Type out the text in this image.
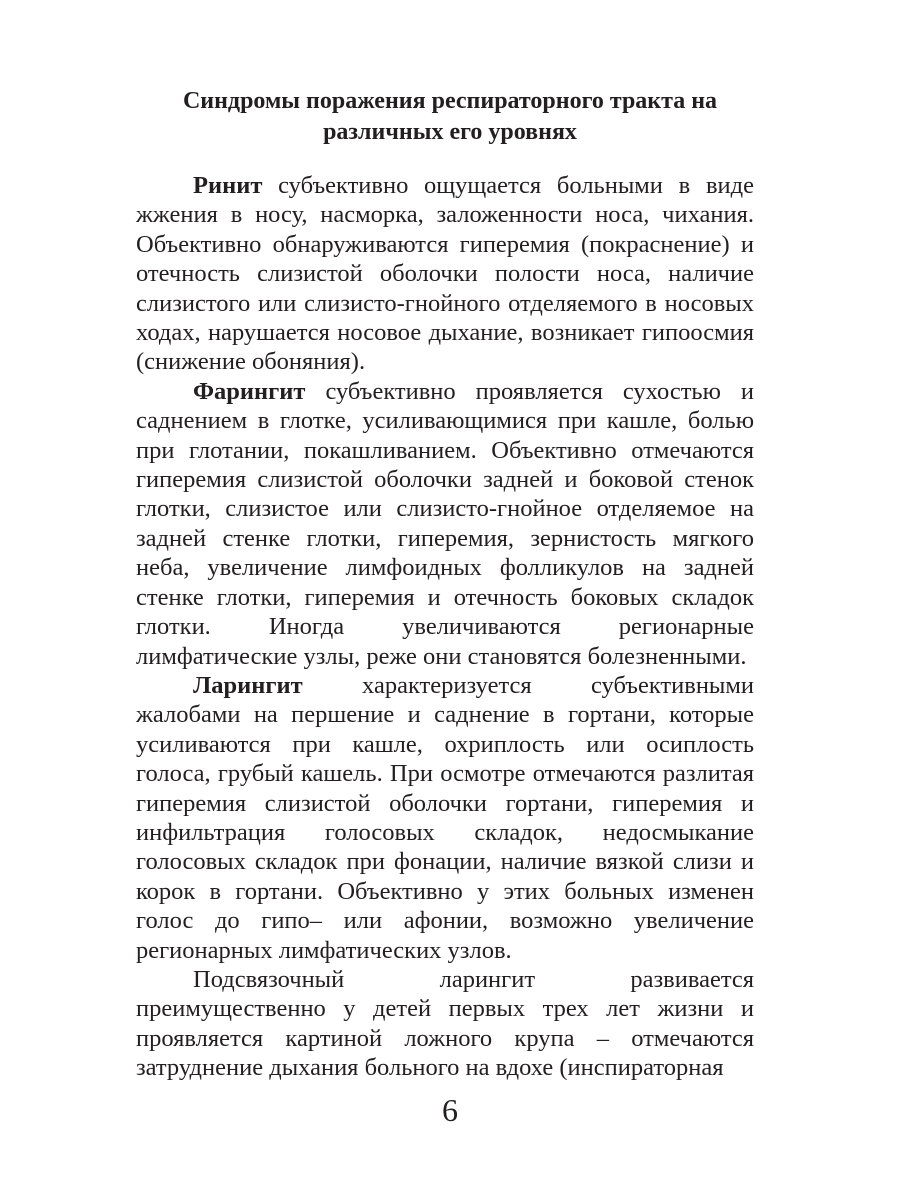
Синдромы поражения респираторного тракта на
различных его уровнях

Ринит субъективно ощущается больными в виде жжения в носу, насморка, заложенности носа, чихания. Объективно обнаруживаются гиперемия (покраснение) и отечность слизистой оболочки полости носа, наличие слизистого или слизисто-гнойного отделяемого в носовых ходах, нарушается носовое дыхание, возникает гипоосмия (снижение обоняния).

Фарингит субъективно проявляется сухостью и саднением в глотке, усиливающимися при кашле, болью при глотании, покашливанием. Объективно отмечаются гиперемия слизистой оболочки задней и боковой стенок глотки, слизистое или слизисто-гнойное отделяемое на задней стенке глотки, гиперемия, зернистость мягкого неба, увеличение лимфоидных фолликулов на задней стенке глотки, гиперемия и отечность боковых складок глотки. Иногда увеличиваются регионарные лимфатические узлы, реже они становятся болезненными.

Ларингит характеризуется субъективными жалобами на першение и саднение в гортани, которые усиливаются при кашле, охриплость или осиплость голоса, грубый кашель. При осмотре отмечаются разлитая гиперемия слизистой оболочки гортани, гиперемия и инфильтрация голосовых складок, недосмыкание голосовых складок при фонации, наличие вязкой слизи и корок в гортани. Объективно у этих больных изменен голос до гипо– или афонии, возможно увеличение регионарных лимфатических узлов.

Подсвязочный ларингит развивается преимущественно у детей первых трех лет жизни и проявляется картиной ложного крупа – отмечаются затруднение дыхания больного на вдохе (инспираторная

6
